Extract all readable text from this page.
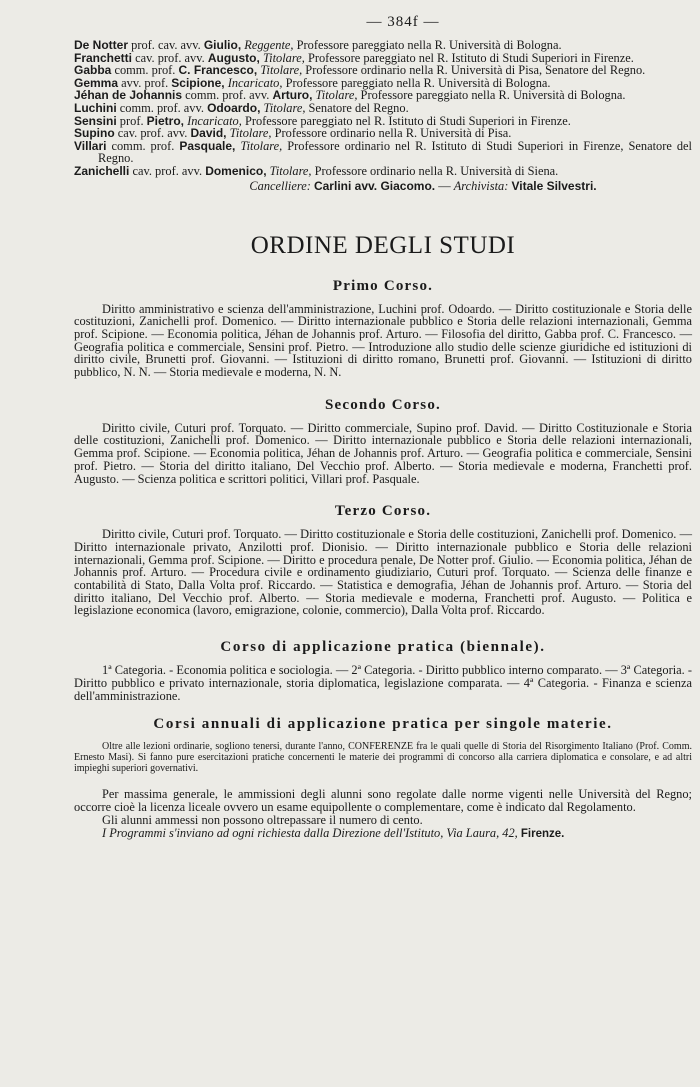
— 384f —

De Notter prof. cav. avv. Giulio, Reggente, Professore pareggiato nella R. Università di Bologna.

Franchetti cav. prof. avv. Augusto, Titolare, Professore pareggiato nel R. Istituto di Studi Superiori in Firenze.

Gabba comm. prof. C. Francesco, Titolare, Professore ordinario nella R. Università di Pisa, Senatore del Regno.

Gemma avv. prof. Scipione, Incaricato, Professore pareggiato nella R. Università di Bologna.

Jéhan de Johannis comm. prof. avv. Arturo, Titolare, Professore pareggiato nella R. Università di Bologna.

Luchini comm. prof. avv. Odoardo, Titolare, Senatore del Regno.

Sensini prof. Pietro, Incaricato, Professore pareggiato nel R. Istituto di Studi Superiori in Firenze.

Supino cav. prof. avv. David, Titolare, Professore ordinario nella R. Università di Pisa.

Villari comm. prof. Pasquale, Titolare, Professore ordinario nel R. Istituto di Studi Superiori in Firenze, Senatore del Regno.

Zanichelli cav. prof. avv. Domenico, Titolare, Professore ordinario nella R. Università di Siena.

Cancelliere: Carlini avv. Giacomo. — Archivista: Vitale Silvestri.
ORDINE DEGLI STUDI
Primo Corso.

Diritto amministrativo e scienza dell'amministrazione, Luchini prof. Odoardo. — Diritto costituzionale e Storia delle costituzioni, Zanichelli prof. Domenico. — Diritto internazionale pubblico e Storia delle relazioni internazionali, Gemma prof. Scipione. — Economia politica, Jéhan de Johannis prof. Arturo. — Filosofia del diritto, Gabba prof. C. Francesco. — Geografia politica e commerciale, Sensini prof. Pietro. — Introduzione allo studio delle scienze giuridiche ed istituzioni di diritto civile, Brunetti prof. Giovanni. — Istituzioni di diritto romano, Brunetti prof. Giovanni. — Istituzioni di diritto pubblico, N. N. — Storia medievale e moderna, N. N.

Secondo Corso.

Diritto civile, Cuturi prof. Torquato. — Diritto commerciale, Supino prof. David. — Diritto Costituzionale e Storia delle costituzioni, Zanichelli prof. Domenico. — Diritto internazionale pubblico e Storia delle relazioni internazionali, Gemma prof. Scipione. — Economia politica, Jéhan de Johannis prof. Arturo. — Geografia politica e commerciale, Sensini prof. Pietro. — Storia del diritto italiano, Del Vecchio prof. Alberto. — Storia medievale e moderna, Franchetti prof. Augusto. — Scienza politica e scrittori politici, Villari prof. Pasquale.

Terzo Corso.

Diritto civile, Cuturi prof. Torquato. — Diritto costituzionale e Storia delle costituzioni, Zanichelli prof. Domenico. — Diritto internazionale privato, Anzilotti prof. Dionisio. — Diritto internazionale pubblico e Storia delle relazioni internazionali, Gemma prof. Scipione. — Diritto e procedura penale, De Notter prof. Giulio. — Economia politica, Jéhan de Johannis prof. Arturo. — Procedura civile e ordinamento giudiziario, Cuturi prof. Torquato. — Scienza delle finanze e contabilità di Stato, Dalla Volta prof. Riccardo. — Statistica e demografia, Jéhan de Johannis prof. Arturo. — Storia del diritto italiano, Del Vecchio prof. Alberto. — Storia medievale e moderna, Franchetti prof. Augusto. — Politica e legislazione economica (lavoro, emigrazione, colonie, commercio), Dalla Volta prof. Riccardo.

Corso di applicazione pratica (biennale).

1ª Categoria. - Economia politica e sociologia. — 2ª Categoria. - Diritto pubblico interno comparato. — 3ª Categoria. - Diritto pubblico e privato internazionale, storia diplomatica, legislazione comparata. — 4ª Categoria. - Finanza e scienza dell'amministrazione.

Corsi annuali di applicazione pratica per singole materie.

Oltre alle lezioni ordinarie, sogliono tenersi, durante l'anno, CONFERENZE fra le quali quelle di Storia del Risorgimento Italiano (Prof. Comm. Ernesto Masi). Si fanno pure esercitazioni pratiche concernenti le materie dei programmi di concorso alla carriera diplomatica e consolare, e ad altri impieghi superiori governativi.

Per massima generale, le ammissioni degli alunni sono regolate dalle norme vigenti nelle Università del Regno; occorre cioè la licenza liceale ovvero un esame equipollente o complementare, come è indicato dal Regolamento.

Gli alunni ammessi non possono oltrepassare il numero di cento.

I Programmi s'inviano ad ogni richiesta dalla Direzione dell'Istituto, Via Laura, 42, Firenze.
